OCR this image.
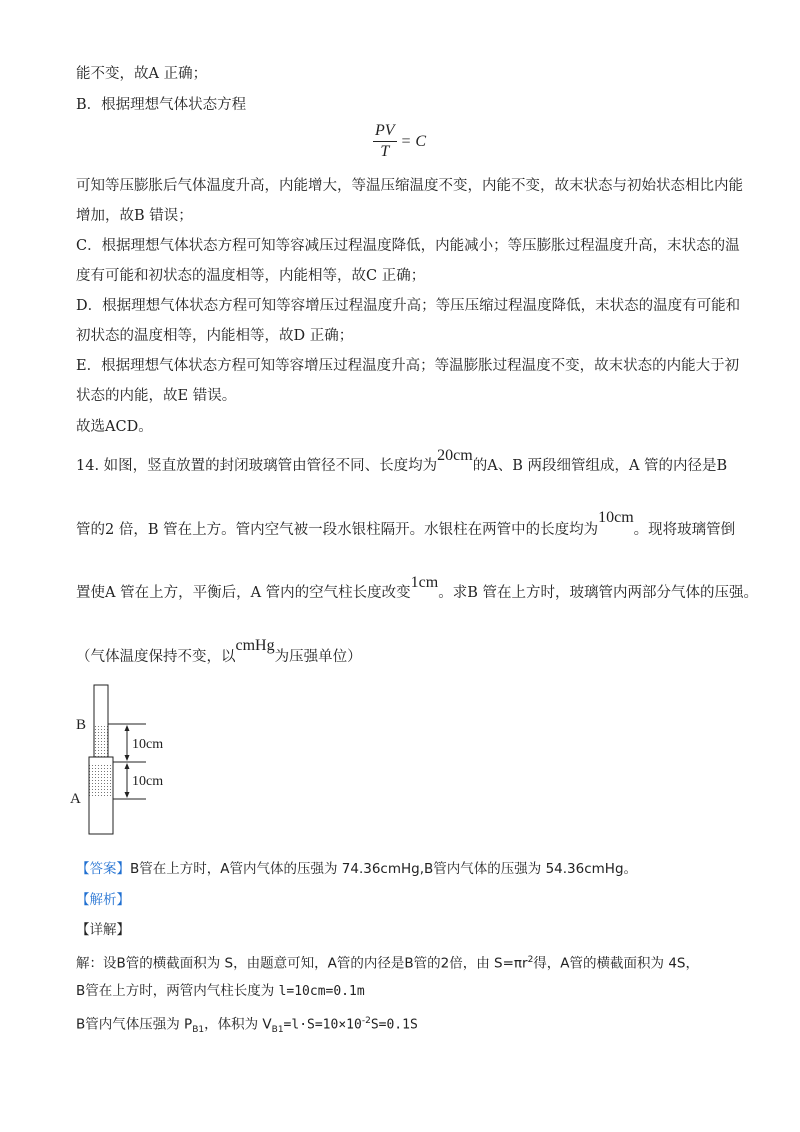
能不变，故A 正确；
B．根据理想气体状态方程
$\frac{PV}{T} = C$
可知等压膨胀后气体温度升高，内能增大，等温压缩温度不变，内能不变，故末状态与初始状态相比内能
增加，故B 错误；
C．根据理想气体状态方程可知等容减压过程温度降低，内能减小；等压膨胀过程温度升高，末状态的温
度有可能和初状态的温度相等，内能相等，故C 正确；
D．根据理想气体状态方程可知等容增压过程温度升高；等压压缩过程温度降低，末状态的温度有可能和
初状态的温度相等，内能相等，故D 正确；
E．根据理想气体状态方程可知等容增压过程温度升高；等温膨胀过程温度不变，故末状态的内能大于初
状态的内能，故E 错误。
故选ACD。
14. 如图，竖直放置的封闭玻璃管由管径不同、长度均为20cm的A、B 两段细管组成，A 管的内径是B
管的2 倍，B 管在上方。管内空气被一段水银柱隔开。水银柱在两管中的长度均为10cm。现将玻璃管倒
置使A 管在上方，平衡后，A 管内的空气柱长度改变1cm。求B 管在上方时，玻璃管内两部分气体的压强。
（气体温度保持不变，以cmHg为压强单位）
B
A
10cm
10cm
【答案】B管在上方时，A管内气体的压强为 74.36cmHg,B管内气体的压强为 54.36cmHg。
【解析】
【详解】
解：设B管的横截面积为 S，由题意可知，A管的内径是B管的2倍，由 $S=\pi r^2$得，A管的横截面积为 4S，
B管在上方时，两管内气柱长度为 l=10cm=0.1m
B管内气体压强为 $P_{B1}$，体积为 $V_{B1}=l\cdot S=10\times 10^{-2}S=0.1S$
